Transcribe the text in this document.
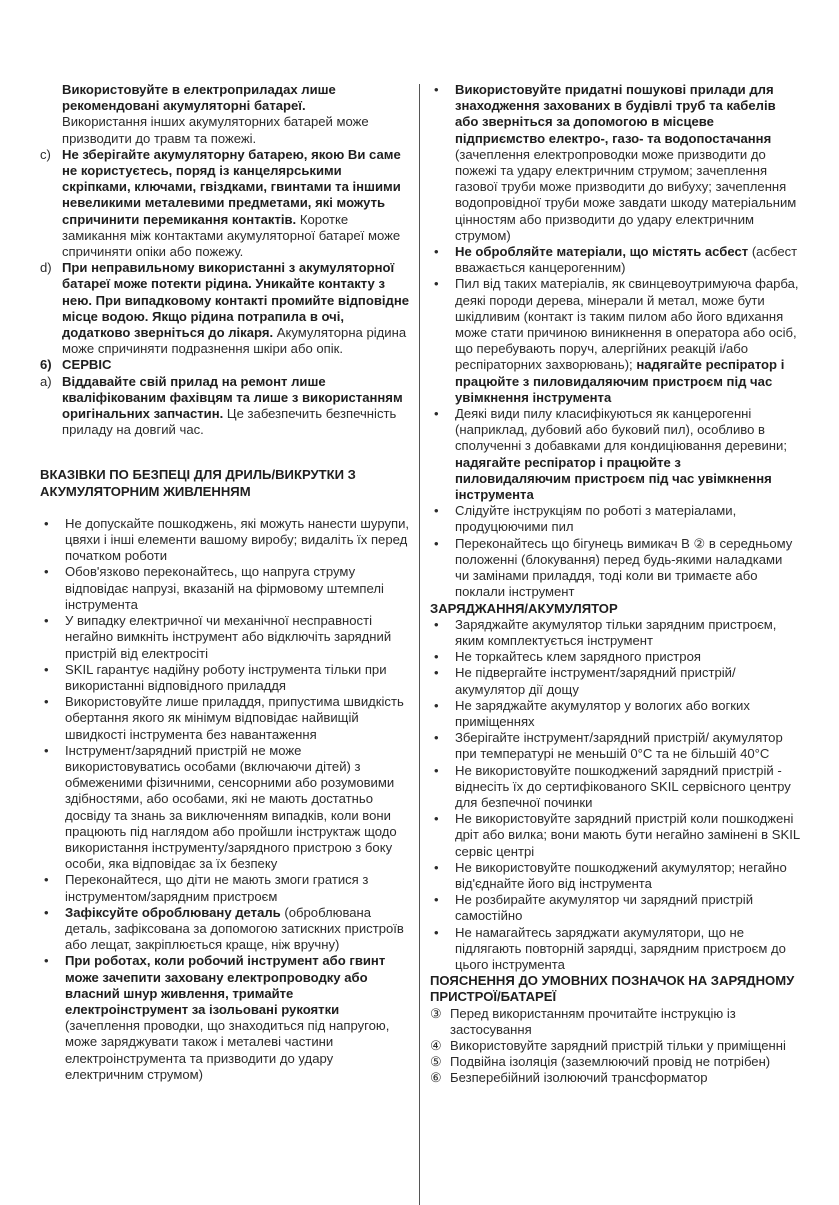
Використовуйте в електроприладах лише рекомендовані акумуляторні батареї.
Використання інших акумуляторних батарей може призводити до травм та пожежі.

c) Не зберігайте акумуляторну батарею, якою Ви саме не користуєтесь, поряд із канцелярськими скріпками, ключами, гвіздками, гвинтами та іншими невеликими металевими предметами, які можуть спричинити перемикання контактів. Коротке замикання між контактами акумуляторної батареї може спричиняти опіки або пожежу.

d) При неправильному використанні з акумуляторної батареї може потекти рідина. Уникайте контакту з нею. При випадковому контакті промийте відповідне місце водою. Якщо рідина потрапила в очі, додатково зверніться до лікаря. Акумуляторна рідина може спричиняти подразнення шкіри або опік.

6) СЕРВІС

a) Віддавайте свій прилад на ремонт лише кваліфікованим фахівцям та лише з використанням оригінальних запчастин. Це забезпечить безпечність приладу на довгий час.

ВКАЗІВКИ ПО БЕЗПЕЦІ ДЛЯ ДРИЛЬ/ВИКРУТКИ З АКУМУЛЯТОРНИМ ЖИВЛЕННЯМ

• Не допускайте пошкоджень, які можуть нанести шурупи, цвяхи і інші елементи вашому виробу; видаліть їх перед початком роботи

• Обов'язково переконайтесь, що напруга струму відповідає напрузі, вказаній на фірмовому штемпелі інструмента

• У випадку електричної чи механічної несправності негайно вимкніть інструмент або відключіть зарядний пристрій від електросіті

• SKIL гарантує надійну роботу інструмента тільки при використанні відповідного приладдя

• Використовуйте лише приладдя, припустима швидкість обертання якого як мінімум відповідає найвищій швидкості інструмента без навантаження

• Інструмент/зарядний пристрій не може використовуватись особами (включаючи дітей) з обмеженими фізичними, сенсорними або розумовими здібностями, або особами, які не мають достатньо досвіду та знань за виключенням випадків, коли вони працюють під наглядом або пройшли інструктаж щодо використання інструменту/зарядного пристрою з боку особи, яка відповідає за їх безпеку

• Переконайтеся, що діти не мають змоги гратися з інструментом/зарядним пристроєм

• Зафіксуйте оброблювану деталь (оброблювана деталь, зафіксована за допомогою затискних пристроїв або лещат, закріплюється краще, ніж вручну)

• При роботах, коли робочий інструмент або гвинт може зачепити заховану електропроводку або власний шнур живлення, тримайте електроінструмент за ізольовані рукоятки (зачеплення проводки, що знаходиться під напругою, може заряджувати також і металеві частини електроінструмента та призводити до удару електричним струмом)

• Використовуйте придатні пошукові прилади для знаходження захованих в будівлі труб та кабелів або зверніться за допомогою в місцеве підприємство електро-, газо- та водопостачання (зачеплення електропроводки може призводити до пожежі та удару електричним струмом; зачеплення газової труби може призводити до вибуху; зачеплення водопровідної труби може завдати шкоду матеріальним цінностям або призводити до удару електричним струмом)

• Не обробляйте матеріали, що містять асбест (асбест вважається канцерогенним)

• Пил від таких матеріалів, як свинцевоутримуюча фарба, деякі породи дерева, мінерали й метал, може бути шкідливим (контакт із таким пилом або його вдихання може стати причиною виникнення в оператора або осіб, що перебувають поруч, алергійних реакцій і/або респіраторних захворювань); надягайте респіратор і працюйте з пиловидаляючим пристроєм під час увімкнення інструмента

• Деякі види пилу класифікуються як канцерогенні (наприклад, дубовий або буковий пил), особливо в сполученні з добавками для кондиціювання деревини; надягайте респіратор і працюйте з пиловидаляючим пристроєм під час увімкнення інструмента

• Слідуйте інструкціям по роботі з матеріалами, продуцюючими пил

• Переконайтесь що бігунець вимикач B ② в середньому положенні (блокування) перед будь-якими наладками чи замінами приладдя, тоді коли ви тримаєте або поклали інструмент

ЗАРЯДЖАННЯ/АКУМУЛЯТОР

• Заряджайте акумулятор тільки зарядним пристроєм, яким комплектується інструмент

• Не торкайтесь клем зарядного пристроя

• Не підвергайте інструмент/зарядний пристрій/ акумулятор дії дощу

• Не заряджайте акумулятор у вологих або вогких приміщеннях

• Зберігайте інструмент/зарядний пристрій/ акумулятор при температурі не меньшій 0°С та не більшій 40°С

• Не використовуйте пошкоджений зарядний пристрій - віднесіть їх до сертифікованого SKIL сервісного центру для безпечної починки

• Не використовуйте зарядний пристрій коли пошкоджені дріт або вилка; вони мають бути негайно замінені в SKIL сервіс центрі

• Не використовуйте пошкоджений акумулятор; негайно від'єднайте його від інструмента

• Не розбирайте акумулятор чи зарядний пристрій самостійно

• Не намагайтесь заряджати акумулятори, що не підлягають повторній зарядці, зарядним пристроєм до цього інструмента

ПОЯСНЕННЯ ДО УМОВНИХ ПОЗНАЧОК НА ЗАРЯДНОМУ ПРИСТРОЇ/БАТАРЕЇ

③ Перед використанням прочитайте інструкцію із застосування

④ Використовуйте зарядний пристрій тільки у приміщенні

⑤ Подвійна ізоляція (заземлюючий провід не потрібен)

⑥ Безперебійний ізолюючий трансформатор
